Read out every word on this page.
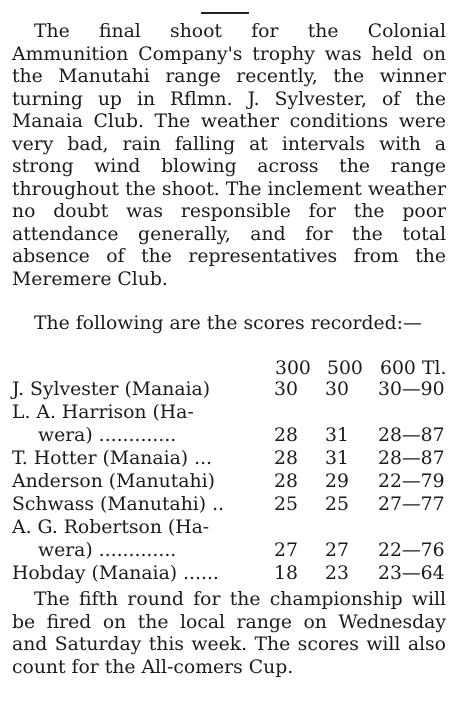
The final shoot for the Colonial Ammunition Company's trophy was held on the Manutahi range recently, the winner turning up in Rflmn. J. Sylvester, of the Manaia Club. The weather conditions were very bad, rain falling at intervals with a strong wind blowing across the range throughout the shoot. The inclement weather no doubt was responsible for the poor attendance generally, and for the total absence of the representatives from the Meremere Club.
The following are the scores recorded:—
300 500 600 Tl.
J. Sylvester (Manaia)	30 30 30—90
L. A. Harrison (Ha-
wera) .............	28 31 28—87
T. Hotter (Manaia) ...	28 31 28—87
Anderson (Manutahi)	28 29 22—79
Schwass (Manutahi) ..	25 25 27—77
A. G. Robertson (Ha-
wera) .............	27 27 22—76
Hobday (Manaia) ......	18 23 23—64
The fifth round for the championship will be fired on the local range on Wednesday and Saturday this week. The scores will also count for the All-comers Cup.
